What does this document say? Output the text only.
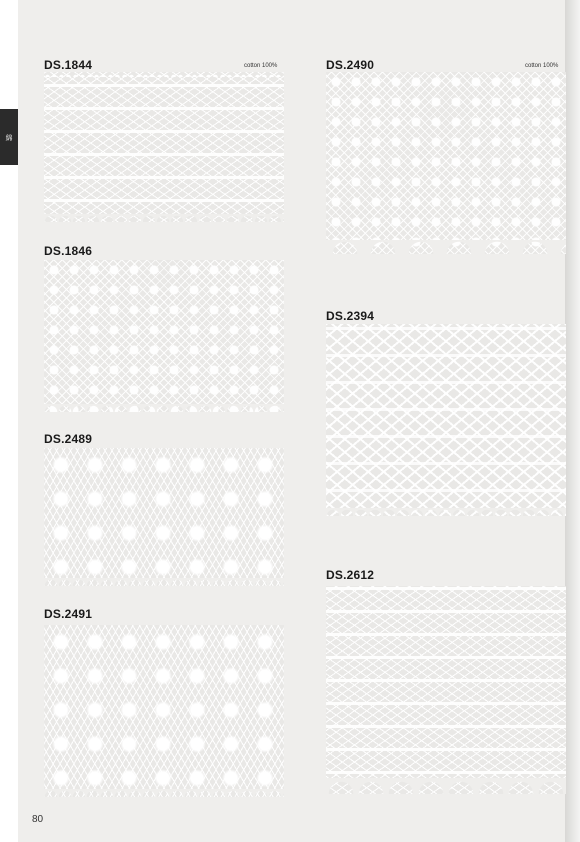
綿
DS.1844	cotton 100%
DS.1846
DS.2489
DS.2491
DS.2490	cotton 100%
DS.2394
DS.2612
80
